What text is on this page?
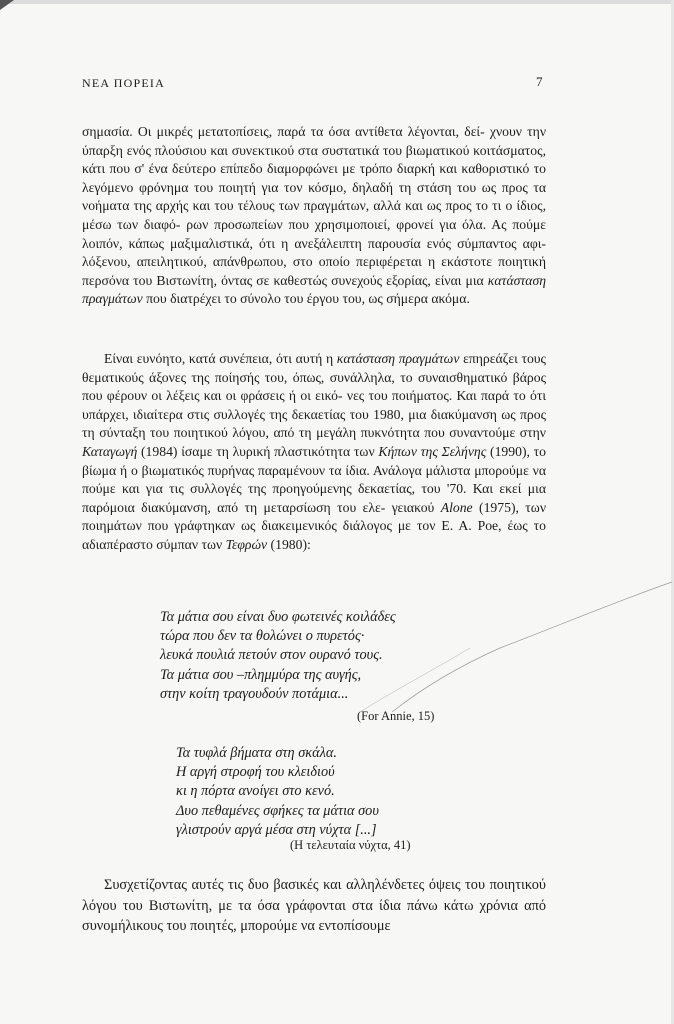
ΝΕΑ ΠΟΡΕΙΑ	7

σημασία. Οι μικρές μετατοπίσεις, παρά τα όσα αντίθετα λέγονται, δεί- χνουν την ύπαρξη ενός πλούσιου και συνεκτικού στα συστατικά του βιωματικού κοιτάσματος, κάτι που σ' ένα δεύτερο επίπεδο διαμορφώνει με τρόπο διαρκή και καθοριστικό το λεγόμενο φρόνημα του ποιητή για τον κόσμο, δηλαδή τη στάση του ως προς τα νοήματα της αρχής και του τέλους των πραγμάτων, αλλά και ως προς το τι ο ίδιος, μέσω των διαφό- ρων προσωπείων που χρησιμοποιεί, φρονεί για όλα. Ας πούμε λοιπόν, κάπως μαξιμαλιστικά, ότι η ανεξάλειπτη παρουσία ενός σύμπαντος αφι- λόξενου, απειλητικού, απάνθρωπου, στο οποίο περιφέρεται η εκάστοτε ποιητική περσόνα του Βιστωνίτη, όντας σε καθεστώς συνεχούς εξορίας, είναι μια κατάσταση πραγμάτων που διατρέχει το σύνολο του έργου του, ως σήμερα ακόμα.

Είναι ευνόητο, κατά συνέπεια, ότι αυτή η κατάσταση πραγμάτων επηρεάζει τους θεματικούς άξονες της ποίησής του, όπως, συνάλληλα, το συναισθηματικό βάρος που φέρουν οι λέξεις και οι φράσεις ή οι εικό- νες του ποιήματος. Και παρά το ότι υπάρχει, ιδιαίτερα στις συλλογές της δεκαετίας του 1980, μια διακύμανση ως προς τη σύνταξη του ποιητικού λόγου, από τη μεγάλη πυκνότητα που συναντούμε στην Καταγωγή (1984) ίσαμε τη λυρική πλαστικότητα των Κήπων της Σελήνης (1990), το βίωμα ή ο βιωματικός πυρήνας παραμένουν τα ίδια. Ανάλογα μάλιστα μπορούμε να πούμε και για τις συλλογές της προηγούμενης δεκαετίας, του '70. Και εκεί μια παρόμοια διακύμανση, από τη μεταρσίωση του ελε- γειακού Alone (1975), των ποιημάτων που γράφτηκαν ως διακειμενικός διάλογος με τον Ε. Α. Poe, έως το αδιαπέραστο σύμπαν των Τεφρών (1980):

Τα μάτια σου είναι δυο φωτεινές κοιλάδες
τώρα που δεν τα θολώνει ο πυρετός·
λευκά πουλιά πετούν στον ουρανό τους.
Τα μάτια σου –πλημμύρα της αυγής,
στην κοίτη τραγουδούν ποτάμια...
(For Annie, 15)
Τα τυφλά βήματα στη σκάλα.
Η αργή στροφή του κλειδιού
κι η πόρτα ανοίγει στο κενό.
Δυο πεθαμένες σφήκες τα μάτια σου
γλιστρούν αργά μέσα στη νύχτα [...]
(Η τελευταία νύχτα, 41)

Συσχετίζοντας αυτές τις δυο βασικές και αλληλένδετες όψεις του ποιητικού λόγου του Βιστωνίτη, με τα όσα γράφονται στα ίδια πάνω κάτω χρόνια από συνομήλικους του ποιητές, μπορούμε να εντοπίσουμε
